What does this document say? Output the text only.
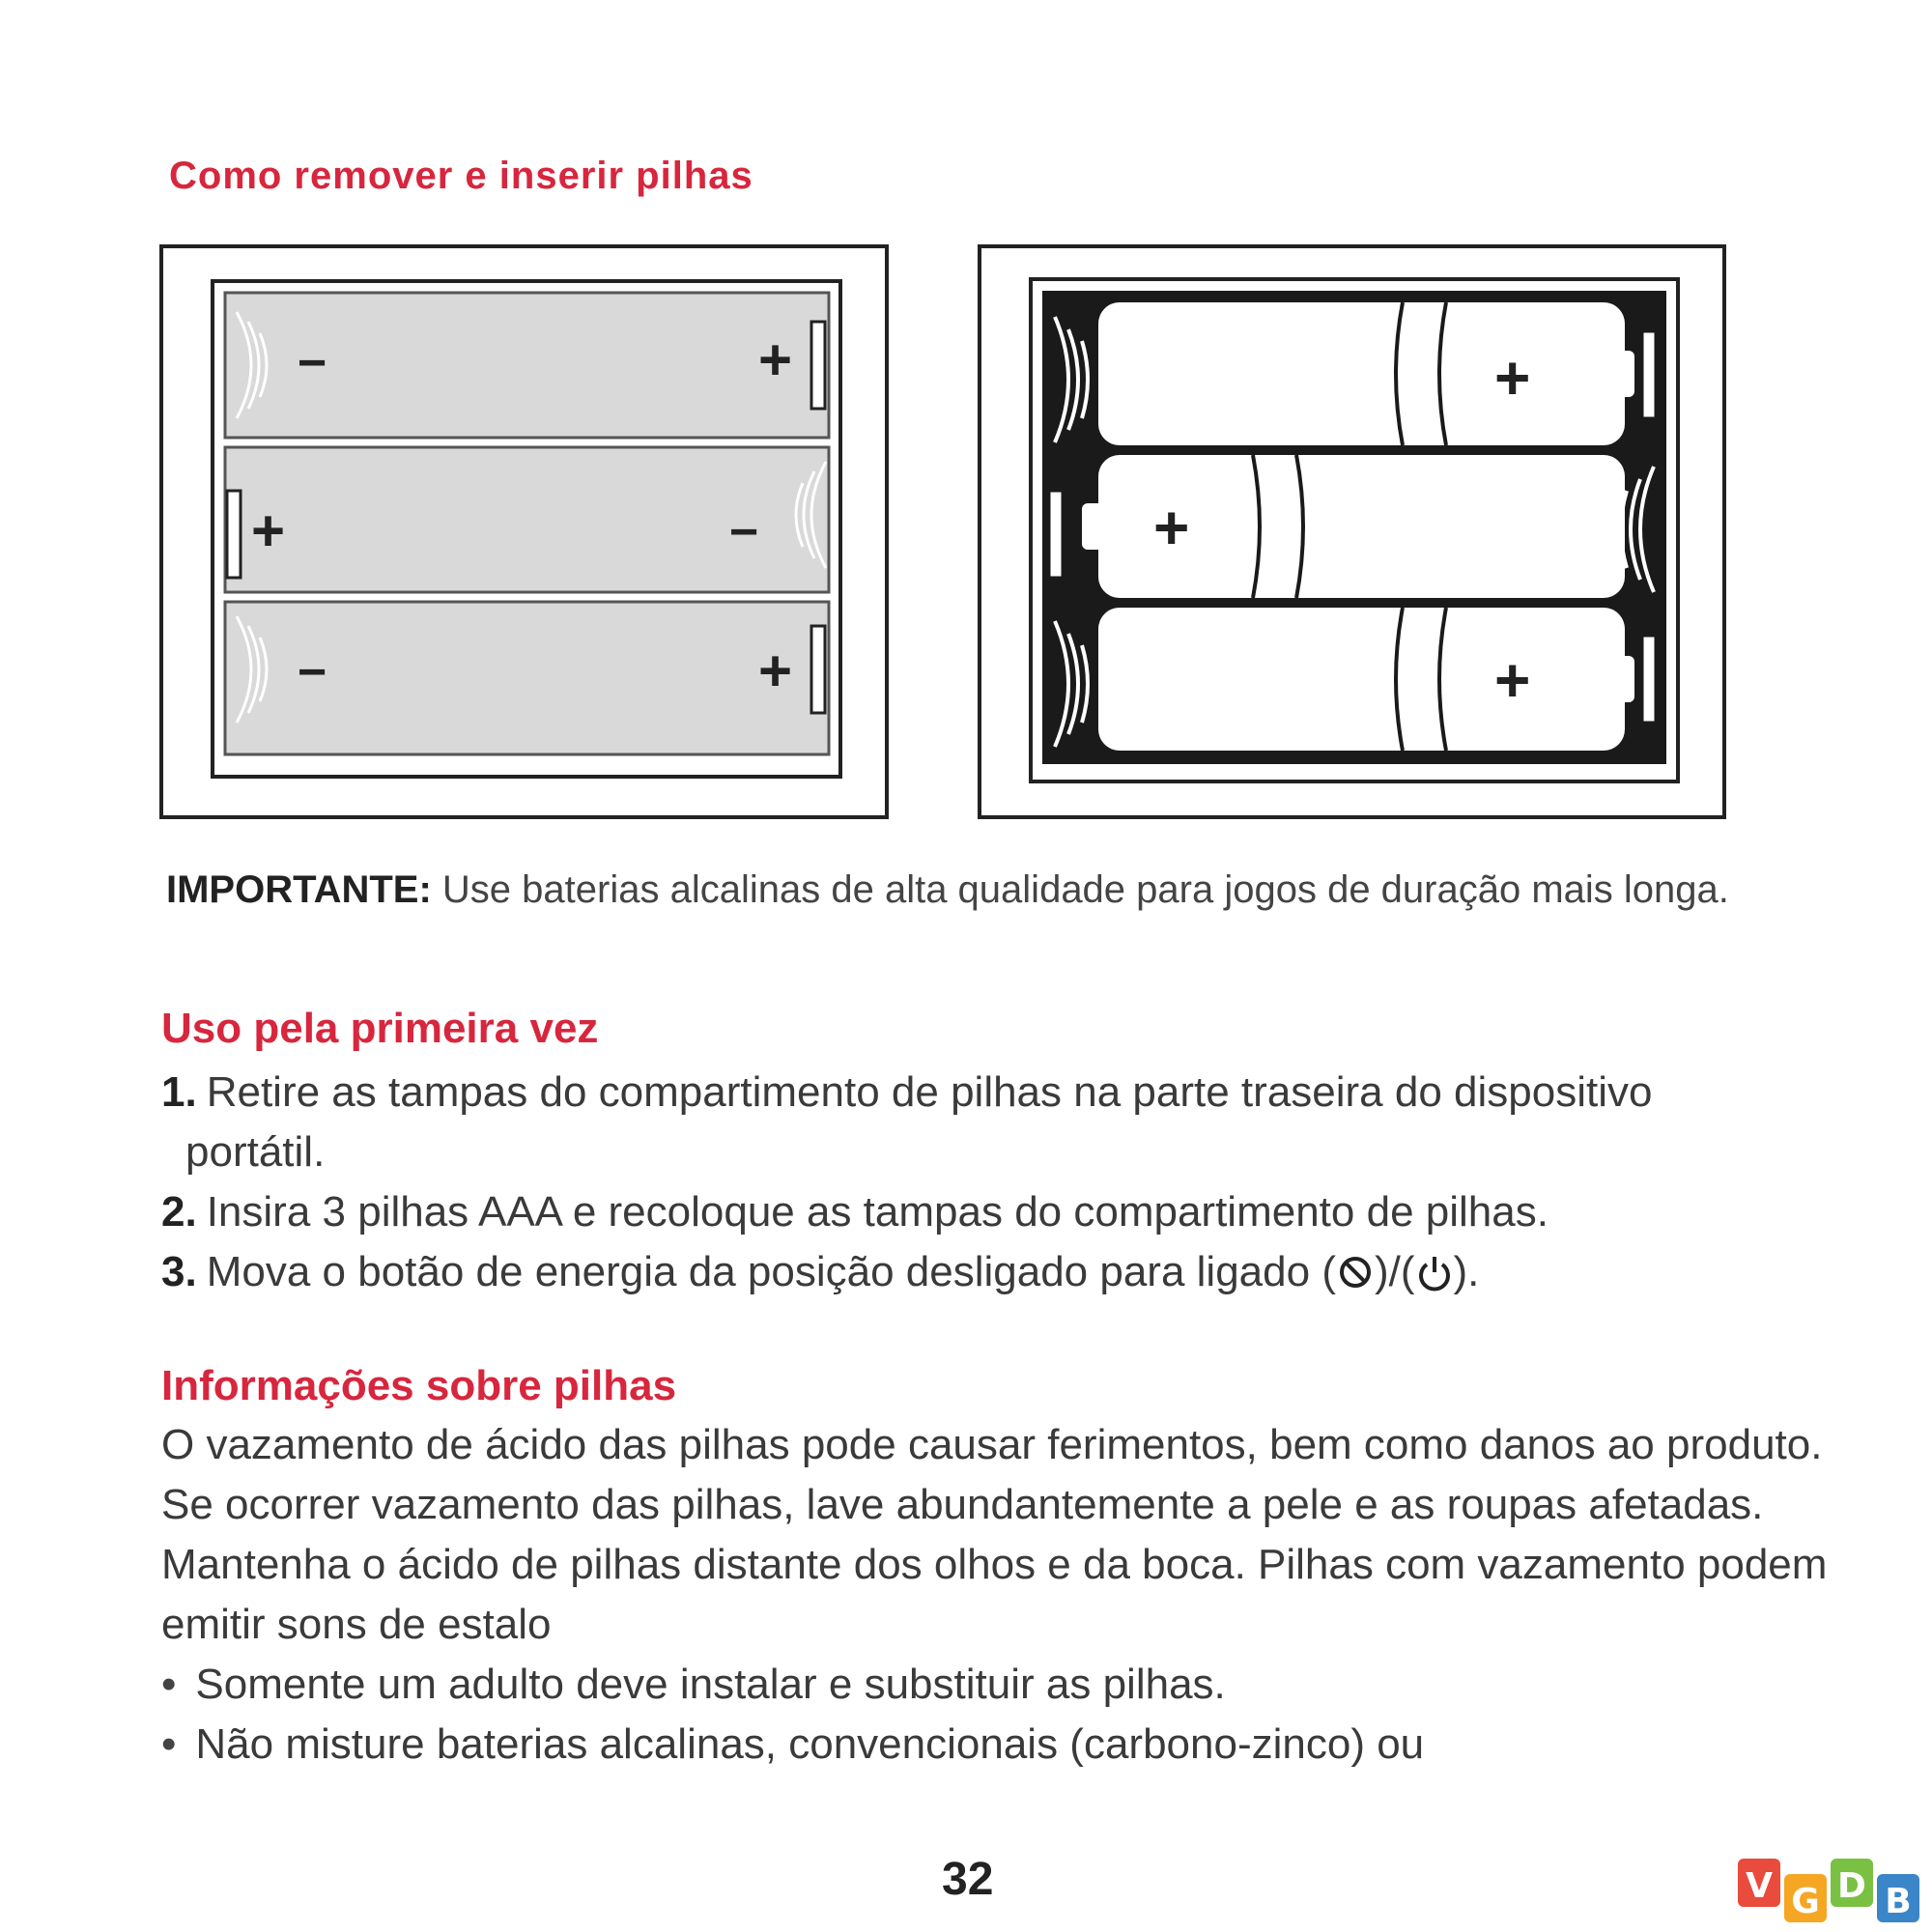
Como remover e inserir pilhas
−	+
+	−
−	+
+
+
+
IMPORTANTE: Use baterias alcalinas de alta qualidade para jogos de duração mais longa.
Uso pela primeira vez
1. Retire as tampas do compartimento de pilhas na parte traseira do dispositivo
portátil.
2. Insira 3 pilhas AAA e recoloque as tampas do compartimento de pilhas.
3. Mova o botão de energia da posição desligado para ligado ( )/( ).
Informações sobre pilhas

O vazamento de ácido das pilhas pode causar ferimentos, bem como danos ao produto. Se ocorrer vazamento das pilhas, lave abundantemente a pele e as roupas afetadas. Mantenha o ácido de pilhas distante dos olhos e da boca. Pilhas com vazamento podem emitir sons de estalo

• Somente um adulto deve instalar e substituir as pilhas.
• Não misture baterias alcalinas, convencionais (carbono-zinco) ou
32	V G D B
